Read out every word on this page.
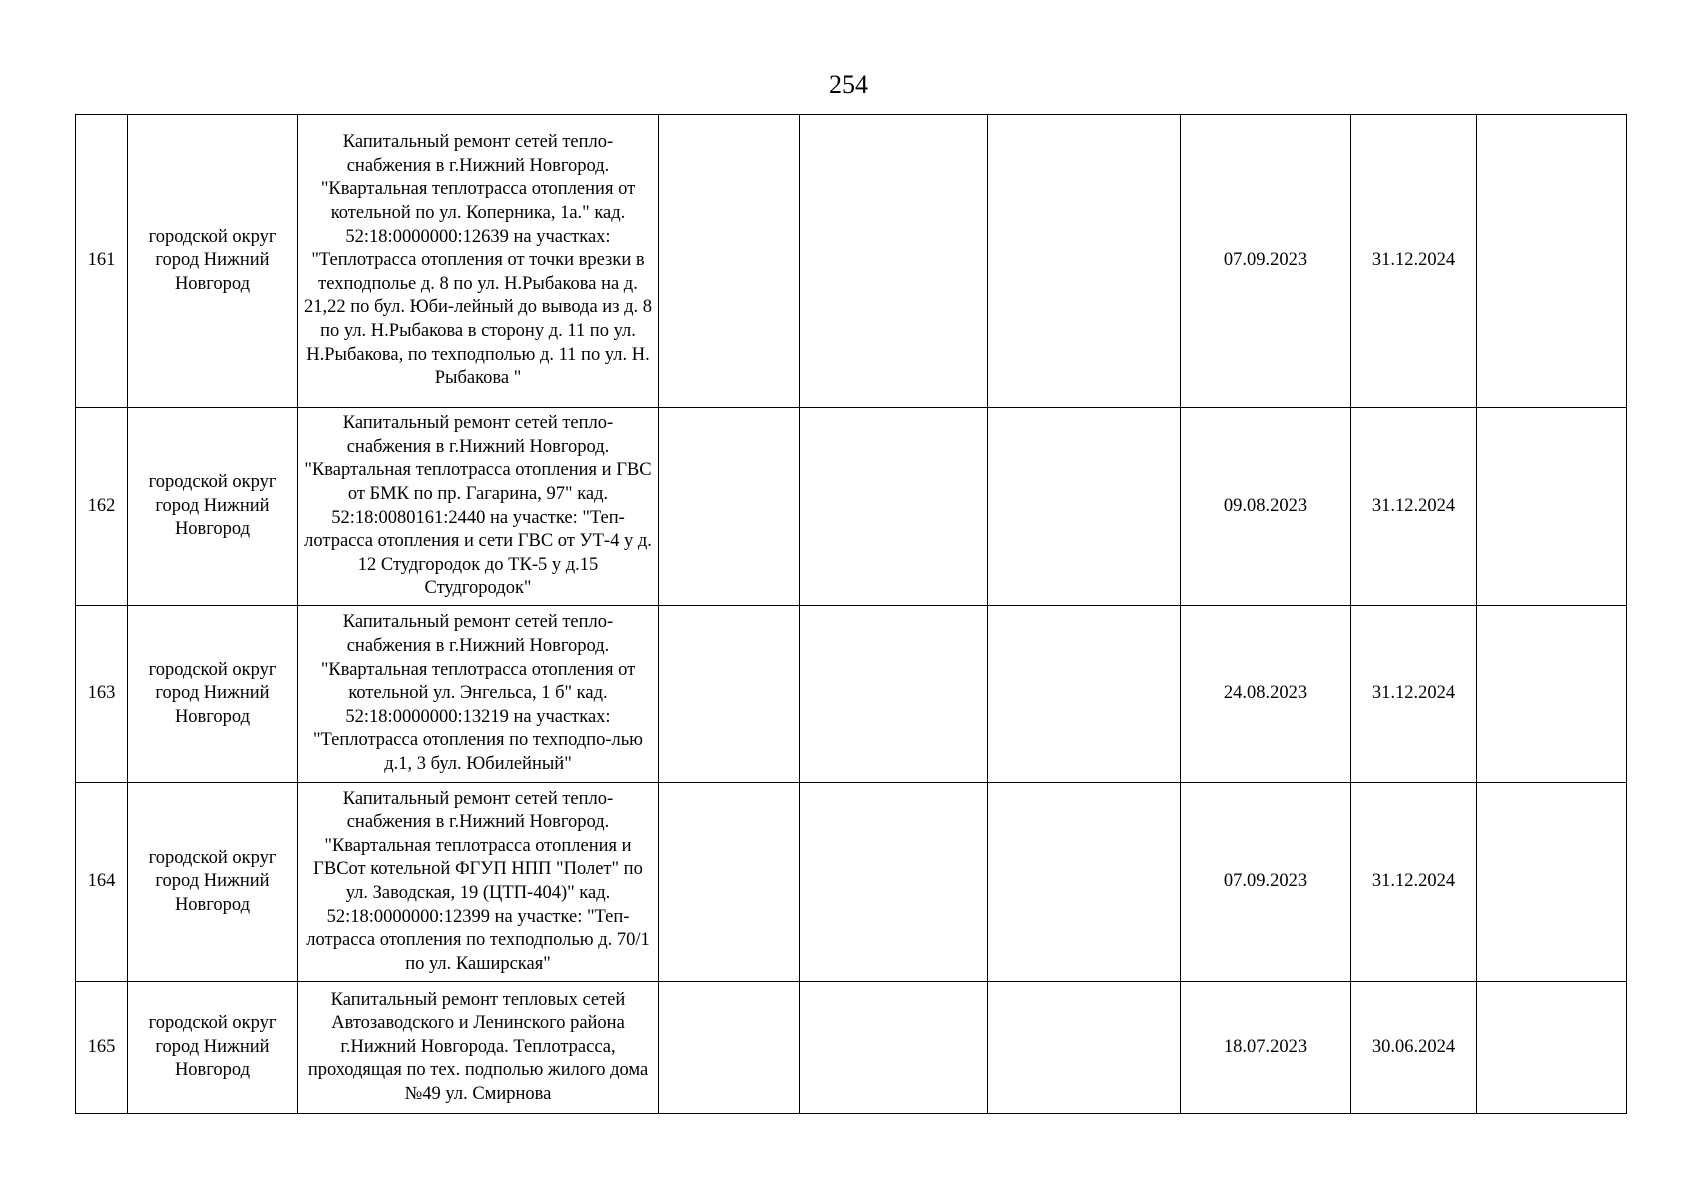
254
161	городской округ город Нижний Новгород	Капитальный ремонт сетей тепло-снабжения в г.Нижний Новгород. "Квартальная теплотрасса отопления от котельной по ул. Коперника, 1а." кад. 52:18:0000000:12639 на участках: "Теплотрасса отопления от точки врезки в техподполье д. 8 по ул. Н.Рыбакова на д. 21,22 по бул. Юби-лейный до вывода из д. 8 по ул. Н.Рыбакова в сторону д. 11 по ул. Н.Рыбакова, по техподполью д. 11 по ул. Н. Рыбакова "				07.09.2023	31.12.2024	
162	городской округ город Нижний Новгород	Капитальный ремонт сетей тепло-снабжения в г.Нижний Новгород. "Квартальная теплотрасса отопления и ГВС от БМК по пр. Гагарина, 97" кад. 52:18:0080161:2440 на участке: "Теп-лотрасса отопления и сети ГВС от УТ-4 у д. 12 Студгородок до ТК-5 у д.15 Студгородок"				09.08.2023	31.12.2024	
163	городской округ город Нижний Новгород	Капитальный ремонт сетей тепло-снабжения в г.Нижний Новгород. "Квартальная теплотрасса отопления от котельной ул. Энгельса, 1 б" кад. 52:18:0000000:13219 на участках: "Теплотрасса отопления по техподпо-лью д.1, 3 бул. Юбилейный"				24.08.2023	31.12.2024	
164	городской округ город Нижний Новгород	Капитальный ремонт сетей тепло-снабжения в г.Нижний Новгород. "Квартальная теплотрасса отопления и ГВСот котельной ФГУП НПП "Полет" по ул. Заводская, 19 (ЦТП-404)" кад. 52:18:0000000:12399 на участке: "Теп-лотрасса отопления по техподполью д. 70/1 по ул. Каширская"				07.09.2023	31.12.2024	
165	городской округ город Нижний Новгород	Капитальный ремонт тепловых сетей Автозаводского и Ленинского района г.Нижний Новгорода. Теплотрасса, проходящая по тех. подполью жилого дома №49 ул. Смирнова				18.07.2023	30.06.2024	
